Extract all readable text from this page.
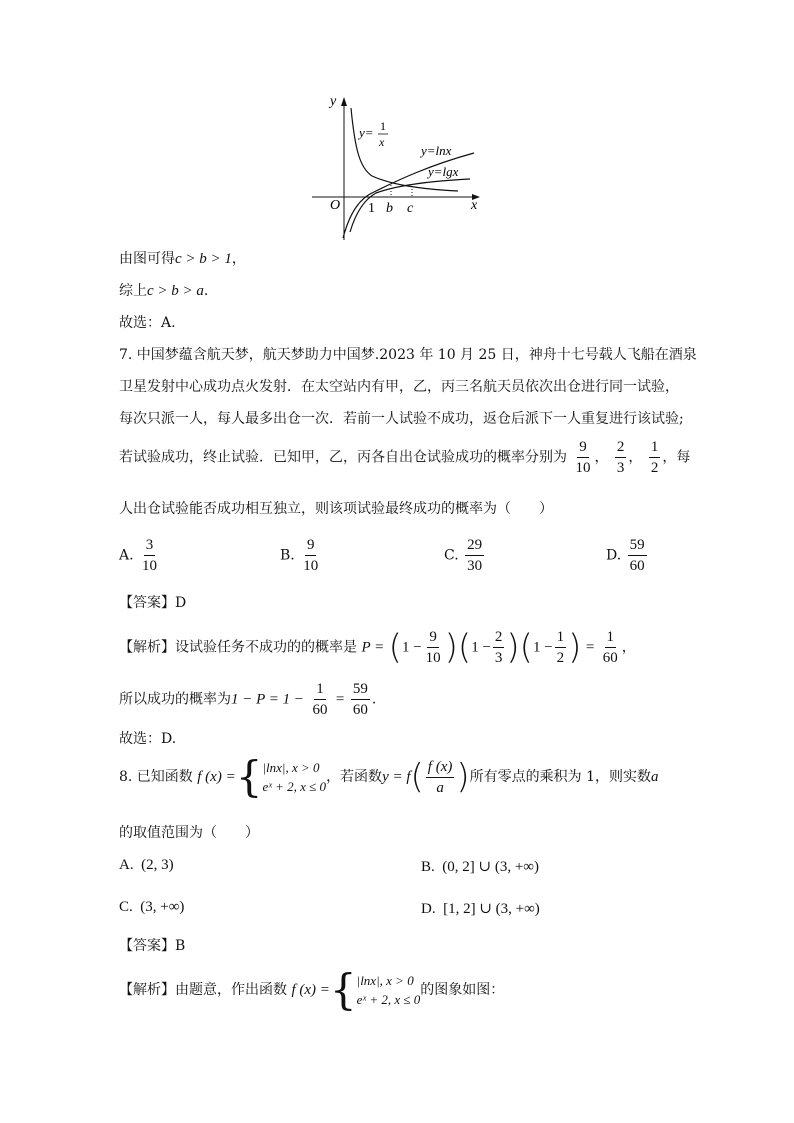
y
x
O 1 b c
y= 1
x
y=lnx
y=lgx
由图可得c > b > 1，
综上c > b > a.
故选：A.
7. 中国梦蕴含航天梦，航天梦助力中国梦.2023 年 10 月 25 日，神舟十七号载人飞船在酒泉
卫星发射中心成功点火发射．在太空站内有甲，乙，丙三名航天员依次出仓进行同一试验，
每次只派一人，每人最多出仓一次．若前一人试验不成功，返仓后派下一人重复进行该试验;
若试验成功，终止试验．已知甲，乙，丙各自出仓试验成功的概率分别为 $\frac{9}{10}$ ， $\frac{2}{3}$ ， $\frac{1}{2}$ ，每
人出仓试验能否成功相互独立，则该项试验最终成功的概率为（　　）
A. $\frac{3}{10}$	B. $\frac{9}{10}$	C. $\frac{29}{30}$	D. $\frac{59}{60}$
【答案】D
【解析】设试验任务不成功的的概率是 $P = (1 - \frac{9}{10} )(1 - \frac{2}{3} )(1 - \frac{1}{2}$ ) = $\frac{1}{60}$ ，
所以成功的概率为$1 - P = 1 - \frac{1}{60} = \frac{59}{60}$ .
故选：D.
8. 已知函数 f (x) ={ |lnx|, x > 0
eˣ + 2, x ≤ 0
，若函数$y = f( \frac{f (x)}{a}$ )所有零点的乘积为 1，则实数a
的取值范围为（　　）
A. (2, 3)	B. (0, 2] ∪ (3, +∞)
C. (3, +∞)	D. [1, 2] ∪ (3, +∞)
【答案】B
【解析】由题意，作出函数 f (x) ={ |lnx|, x > 0
eˣ + 2, x ≤ 0
的图象如图：
